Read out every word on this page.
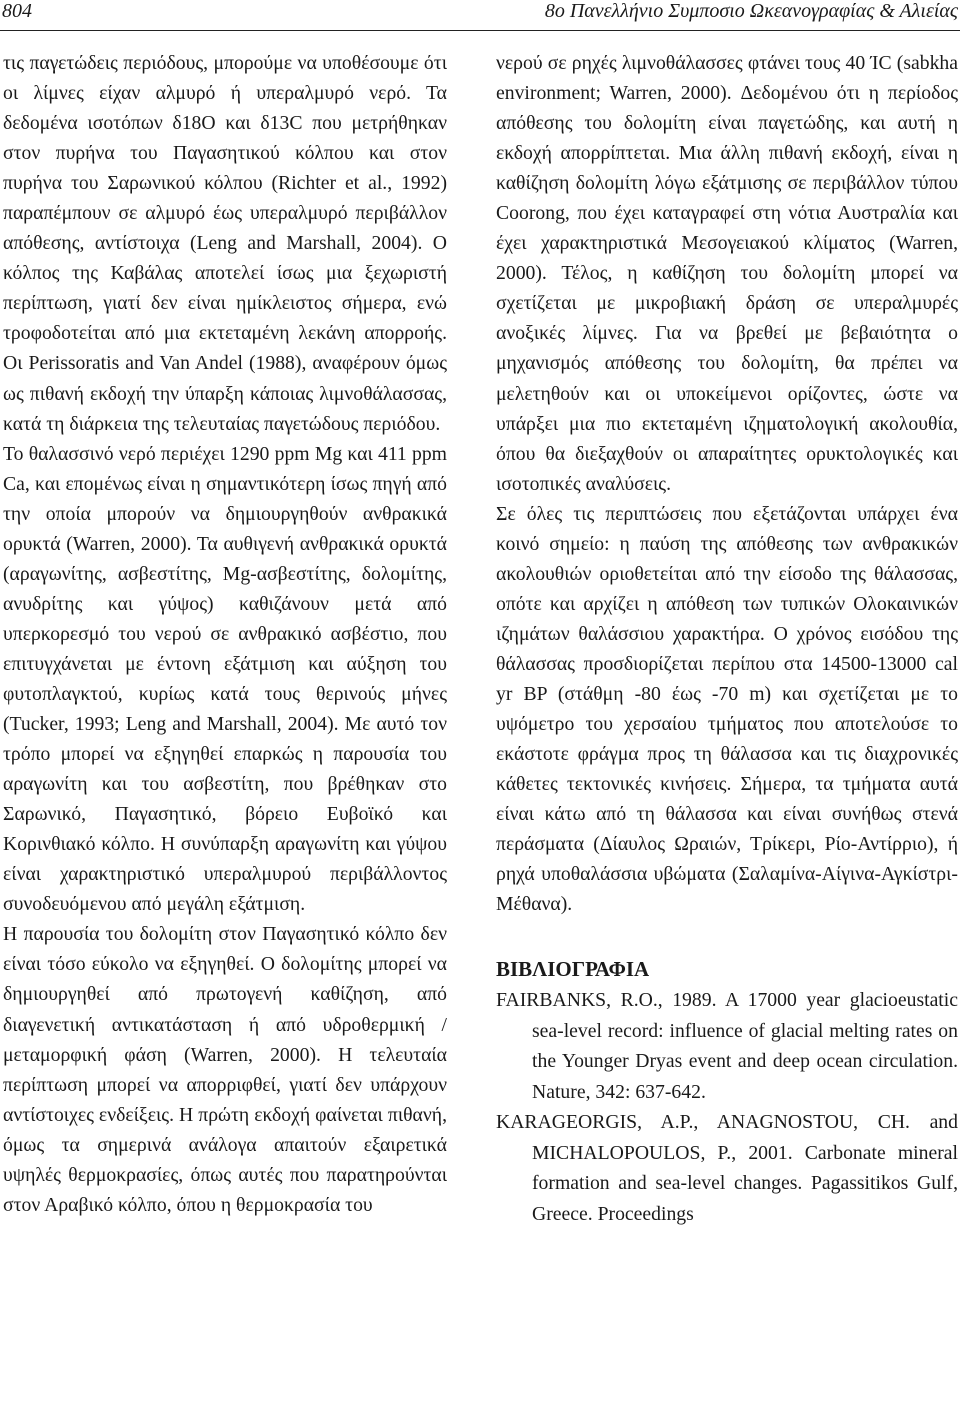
804	8ο Πανελλήνιο Συμποσιο Ωκεανογραφίας & Αλιείας

τις παγετώδεις περιόδους, μπορούμε να υποθέσουμε ότι οι λίμνες είχαν αλμυρό ή υπεραλμυρό νερό. Τα δεδομένα ισοτόπων δ18Ο και δ13C που μετρήθηκαν στον πυρήνα του Παγασητικού κόλπου και στον πυρήνα του Σαρωνικού κόλπου (Richter et al., 1992) παραπέμπουν σε αλμυρό έως υπεραλμυρό περιβάλλον απόθεσης, αντίστοιχα (Leng and Marshall, 2004). Ο κόλπος της Καβάλας αποτελεί ίσως μια ξεχωριστή περίπτωση, γιατί δεν είναι ημίκλειστος σήμερα, ενώ τροφοδοτείται από μια εκτεταμένη λεκάνη απορροής. Οι Perissoratis and Van Andel (1988), αναφέρουν όμως ως πιθανή εκδοχή την ύπαρξη κάποιας λιμνοθάλασσας, κατά τη διάρκεια της τελευταίας παγετώδους περιόδου.

Το θαλασσινό νερό περιέχει 1290 ppm Mg και 411 ppm Ca, και επομένως είναι η σημαντικότερη ίσως πηγή από την οποία μπορούν να δημιουργηθούν ανθρακικά ορυκτά (Warren, 2000). Τα αυθιγενή ανθρακικά ορυκτά (αραγωνίτης, ασβεστίτης, Mg-ασβεστίτης, δολομίτης, ανυδρίτης και γύψος) καθιζάνουν μετά από υπερκορεσμό του νερού σε ανθρακικό ασβέστιο, που επιτυγχάνεται με έντονη εξάτμιση και αύξηση του φυτοπλαγκτού, κυρίως κατά τους θερινούς μήνες (Tucker, 1993; Leng and Marshall, 2004). Με αυτό τον τρόπο μπορεί να εξηγηθεί επαρκώς η παρουσία του αραγωνίτη και του ασβεστίτη, που βρέθηκαν στο Σαρωνικό, Παγασητικό, βόρειο Ευβοϊκό και Κορινθιακό κόλπο. Η συνύπαρξη αραγωνίτη και γύψου είναι χαρακτηριστικό υπεραλμυρού περιβάλλοντος συνοδευόμενου από μεγάλη εξάτμιση.

Η παρουσία του δολομίτη στον Παγασητικό κόλπο δεν είναι τόσο εύκολο να εξηγηθεί. Ο δολομίτης μπορεί να δημιουργηθεί από πρωτογενή καθίζηση, από διαγενετική αντικατάσταση ή από υδροθερμική / μεταμορφική φάση (Warren, 2000). Η τελευταία περίπτωση μπορεί να απορριφθεί, γιατί δεν υπάρχουν αντίστοιχες ενδείξεις. Η πρώτη εκδοχή φαίνεται πιθανή, όμως τα σημερινά ανάλογα απαιτούν εξαιρετικά υψηλές θερμοκρασίες, όπως αυτές που παρατηρούνται στον Αραβικό κόλπο, όπου η θερμοκρασία του

νερού σε ρηχές λιμνοθάλασσες φτάνει τους 40 ΊC (sabkha environment; Warren, 2000). Δεδομένου ότι η περίοδος απόθεσης του δολομίτη είναι παγετώδης, και αυτή η εκδοχή απορρίπτεται. Μια άλλη πιθανή εκδοχή, είναι η καθίζηση δολομίτη λόγω εξάτμισης σε περιβάλλον τύπου Coorong, που έχει καταγραφεί στη νότια Αυστραλία και έχει χαρακτηριστικά Μεσογειακού κλίματος (Warren, 2000). Τέλος, η καθίζηση του δολομίτη μπορεί να σχετίζεται με μικροβιακή δράση σε υπεραλμυρές ανοξικές λίμνες. Για να βρεθεί με βεβαιότητα ο μηχανισμός απόθεσης του δολομίτη, θα πρέπει να μελετηθούν και οι υποκείμενοι ορίζοντες, ώστε να υπάρξει μια πιο εκτεταμένη ιζηματολογική ακολουθία, όπου θα διεξαχθούν οι απαραίτητες ορυκτολογικές και ισοτοπικές αναλύσεις.

Σε όλες τις περιπτώσεις που εξετάζονται υπάρχει ένα κοινό σημείο: η παύση της απόθεσης των ανθρακικών ακολουθιών οριοθετείται από την είσοδο της θάλασσας, οπότε και αρχίζει η απόθεση των τυπικών Ολοκαινικών ιζημάτων θαλάσσιου χαρακτήρα. Ο χρόνος εισόδου της θάλασσας προσδιορίζεται περίπου στα 14500-13000 cal yr BP (στάθμη -80 έως -70 m) και σχετίζεται με το υψόμετρο του χερσαίου τμήματος που αποτελούσε το εκάστοτε φράγμα προς τη θάλασσα και τις διαχρονικές κάθετες τεκτονικές κινήσεις. Σήμερα, τα τμήματα αυτά είναι κάτω από τη θάλασσα και είναι συνήθως στενά περάσματα (Δίαυλος Ωραιών, Τρίκερι, Ρίο-Αντίρριο), ή ρηχά υποθαλάσσια υβώματα (Σαλαμίνα-Αίγινα-Αγκίστρι-Μέθανα).

ΒΙΒΛΙΟΓΡΑΦΙΑ

FAIRBANKS, R.O., 1989. A 17000 year glacioeustatic sea-level record: influence of glacial melting rates on the Younger Dryas event and deep ocean circulation. Nature, 342: 637-642.

KARAGEORGIS, A.P., ANAGNOSTOU, CH. and MICHALOPOULOS, P., 2001. Carbonate mineral formation and sea-level changes. Pagassitikos Gulf, Greece. Proceedings
